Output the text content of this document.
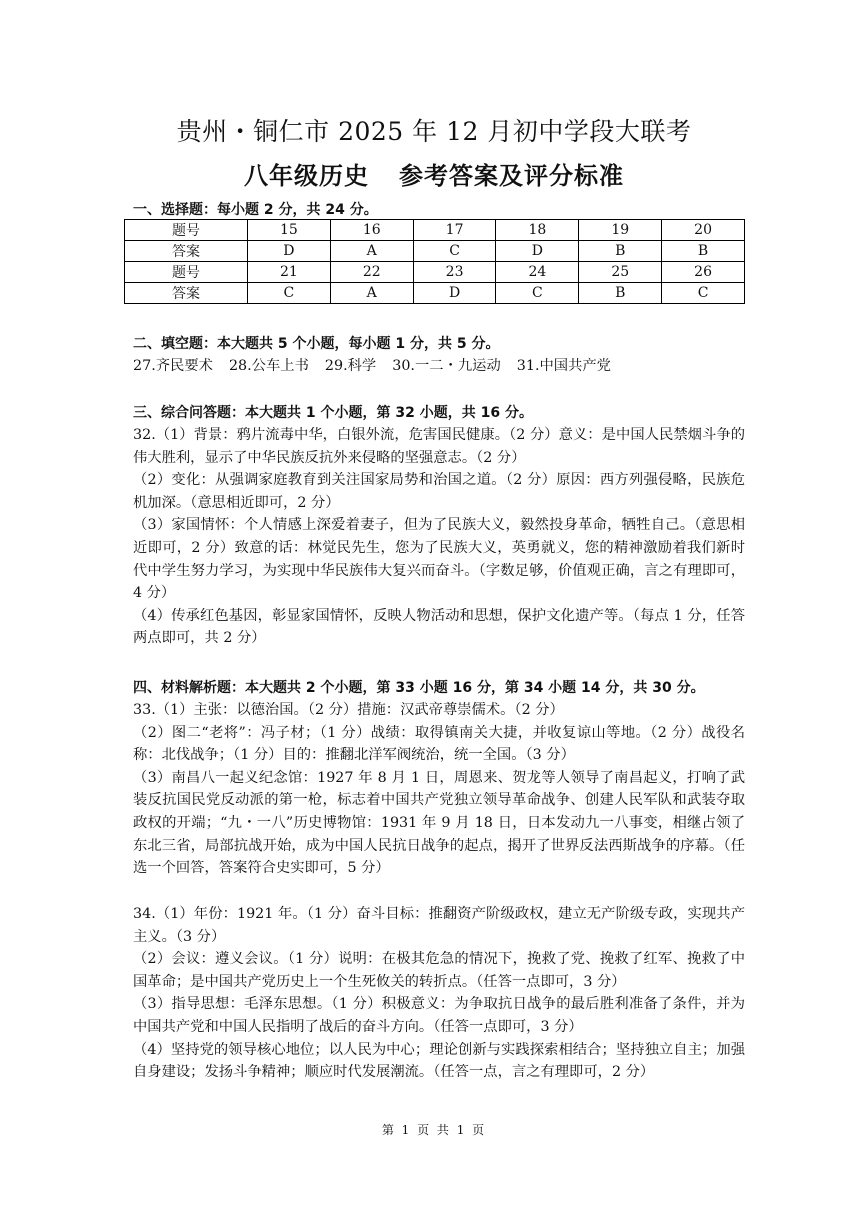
贵州・铜仁市 2025 年 12 月初中学段大联考
八年级历史 参考答案及评分标准
一、选择题：每小题 2 分，共 24 分。
题号	15	16	17	18	19	20
答案	D	A	C	D	B	B
题号	21	22	23	24	25	26
答案	C	A	D	C	B	C
二、填空题：本大题共 5 个小题，每小题 1 分，共 5 分。

27.齐民要术 28.公车上书 29.科学 30.一二・九运动 31.中国共产党

三、综合问答题：本大题共 1 个小题，第 32 小题，共 16 分。

32.（1）背景：鸦片流毒中华，白银外流，危害国民健康。（2 分）意义：是中国人民禁烟斗争的伟大胜利，显示了中华民族反抗外来侵略的坚强意志。（2 分）

（2）变化：从强调家庭教育到关注国家局势和治国之道。（2 分）原因：西方列强侵略，民族危机加深。（意思相近即可，2 分）

（3）家国情怀：个人情感上深爱着妻子，但为了民族大义，毅然投身革命，牺牲自己。（意思相近即可，2 分）致意的话：林觉民先生，您为了民族大义，英勇就义，您的精神激励着我们新时代中学生努力学习，为实现中华民族伟大复兴而奋斗。（字数足够，价值观正确，言之有理即可，4 分）

（4）传承红色基因，彰显家国情怀，反映人物活动和思想，保护文化遗产等。（每点 1 分，任答两点即可，共 2 分）

四、材料解析题：本大题共 2 个小题，第 33 小题 16 分，第 34 小题 14 分，共 30 分。

33.（1）主张：以德治国。（2 分）措施：汉武帝尊崇儒术。（2 分）

（2）图二“老将”：冯子材；（1 分）战绩：取得镇南关大捷，并收复谅山等地。（2 分）战役名称：北伐战争；（1 分）目的：推翻北洋军阀统治，统一全国。（3 分）

（3）南昌八一起义纪念馆：1927 年 8 月 1 日，周恩来、贺龙等人领导了南昌起义，打响了武装反抗国民党反动派的第一枪，标志着中国共产党独立领导革命战争、创建人民军队和武装夺取政权的开端；“九・一八”历史博物馆：1931 年 9 月 18 日，日本发动九一八事变，相继占领了东北三省，局部抗战开始，成为中国人民抗日战争的起点，揭开了世界反法西斯战争的序幕。（任选一个回答，答案符合史实即可，5 分）

34.（1）年份：1921 年。（1 分）奋斗目标：推翻资产阶级政权，建立无产阶级专政，实现共产主义。（3 分）

（2）会议：遵义会议。（1 分）说明：在极其危急的情况下，挽救了党、挽救了红军、挽救了中国革命；是中国共产党历史上一个生死攸关的转折点。（任答一点即可，3 分）

（3）指导思想：毛泽东思想。（1 分）积极意义：为争取抗日战争的最后胜利准备了条件，并为中国共产党和中国人民指明了战后的奋斗方向。（任答一点即可，3 分）

（4）坚持党的领导核心地位；以人民为中心；理论创新与实践探索相结合；坚持独立自主；加强自身建设；发扬斗争精神；顺应时代发展潮流。（任答一点，言之有理即可，2 分）

第 1 页 共 1 页
